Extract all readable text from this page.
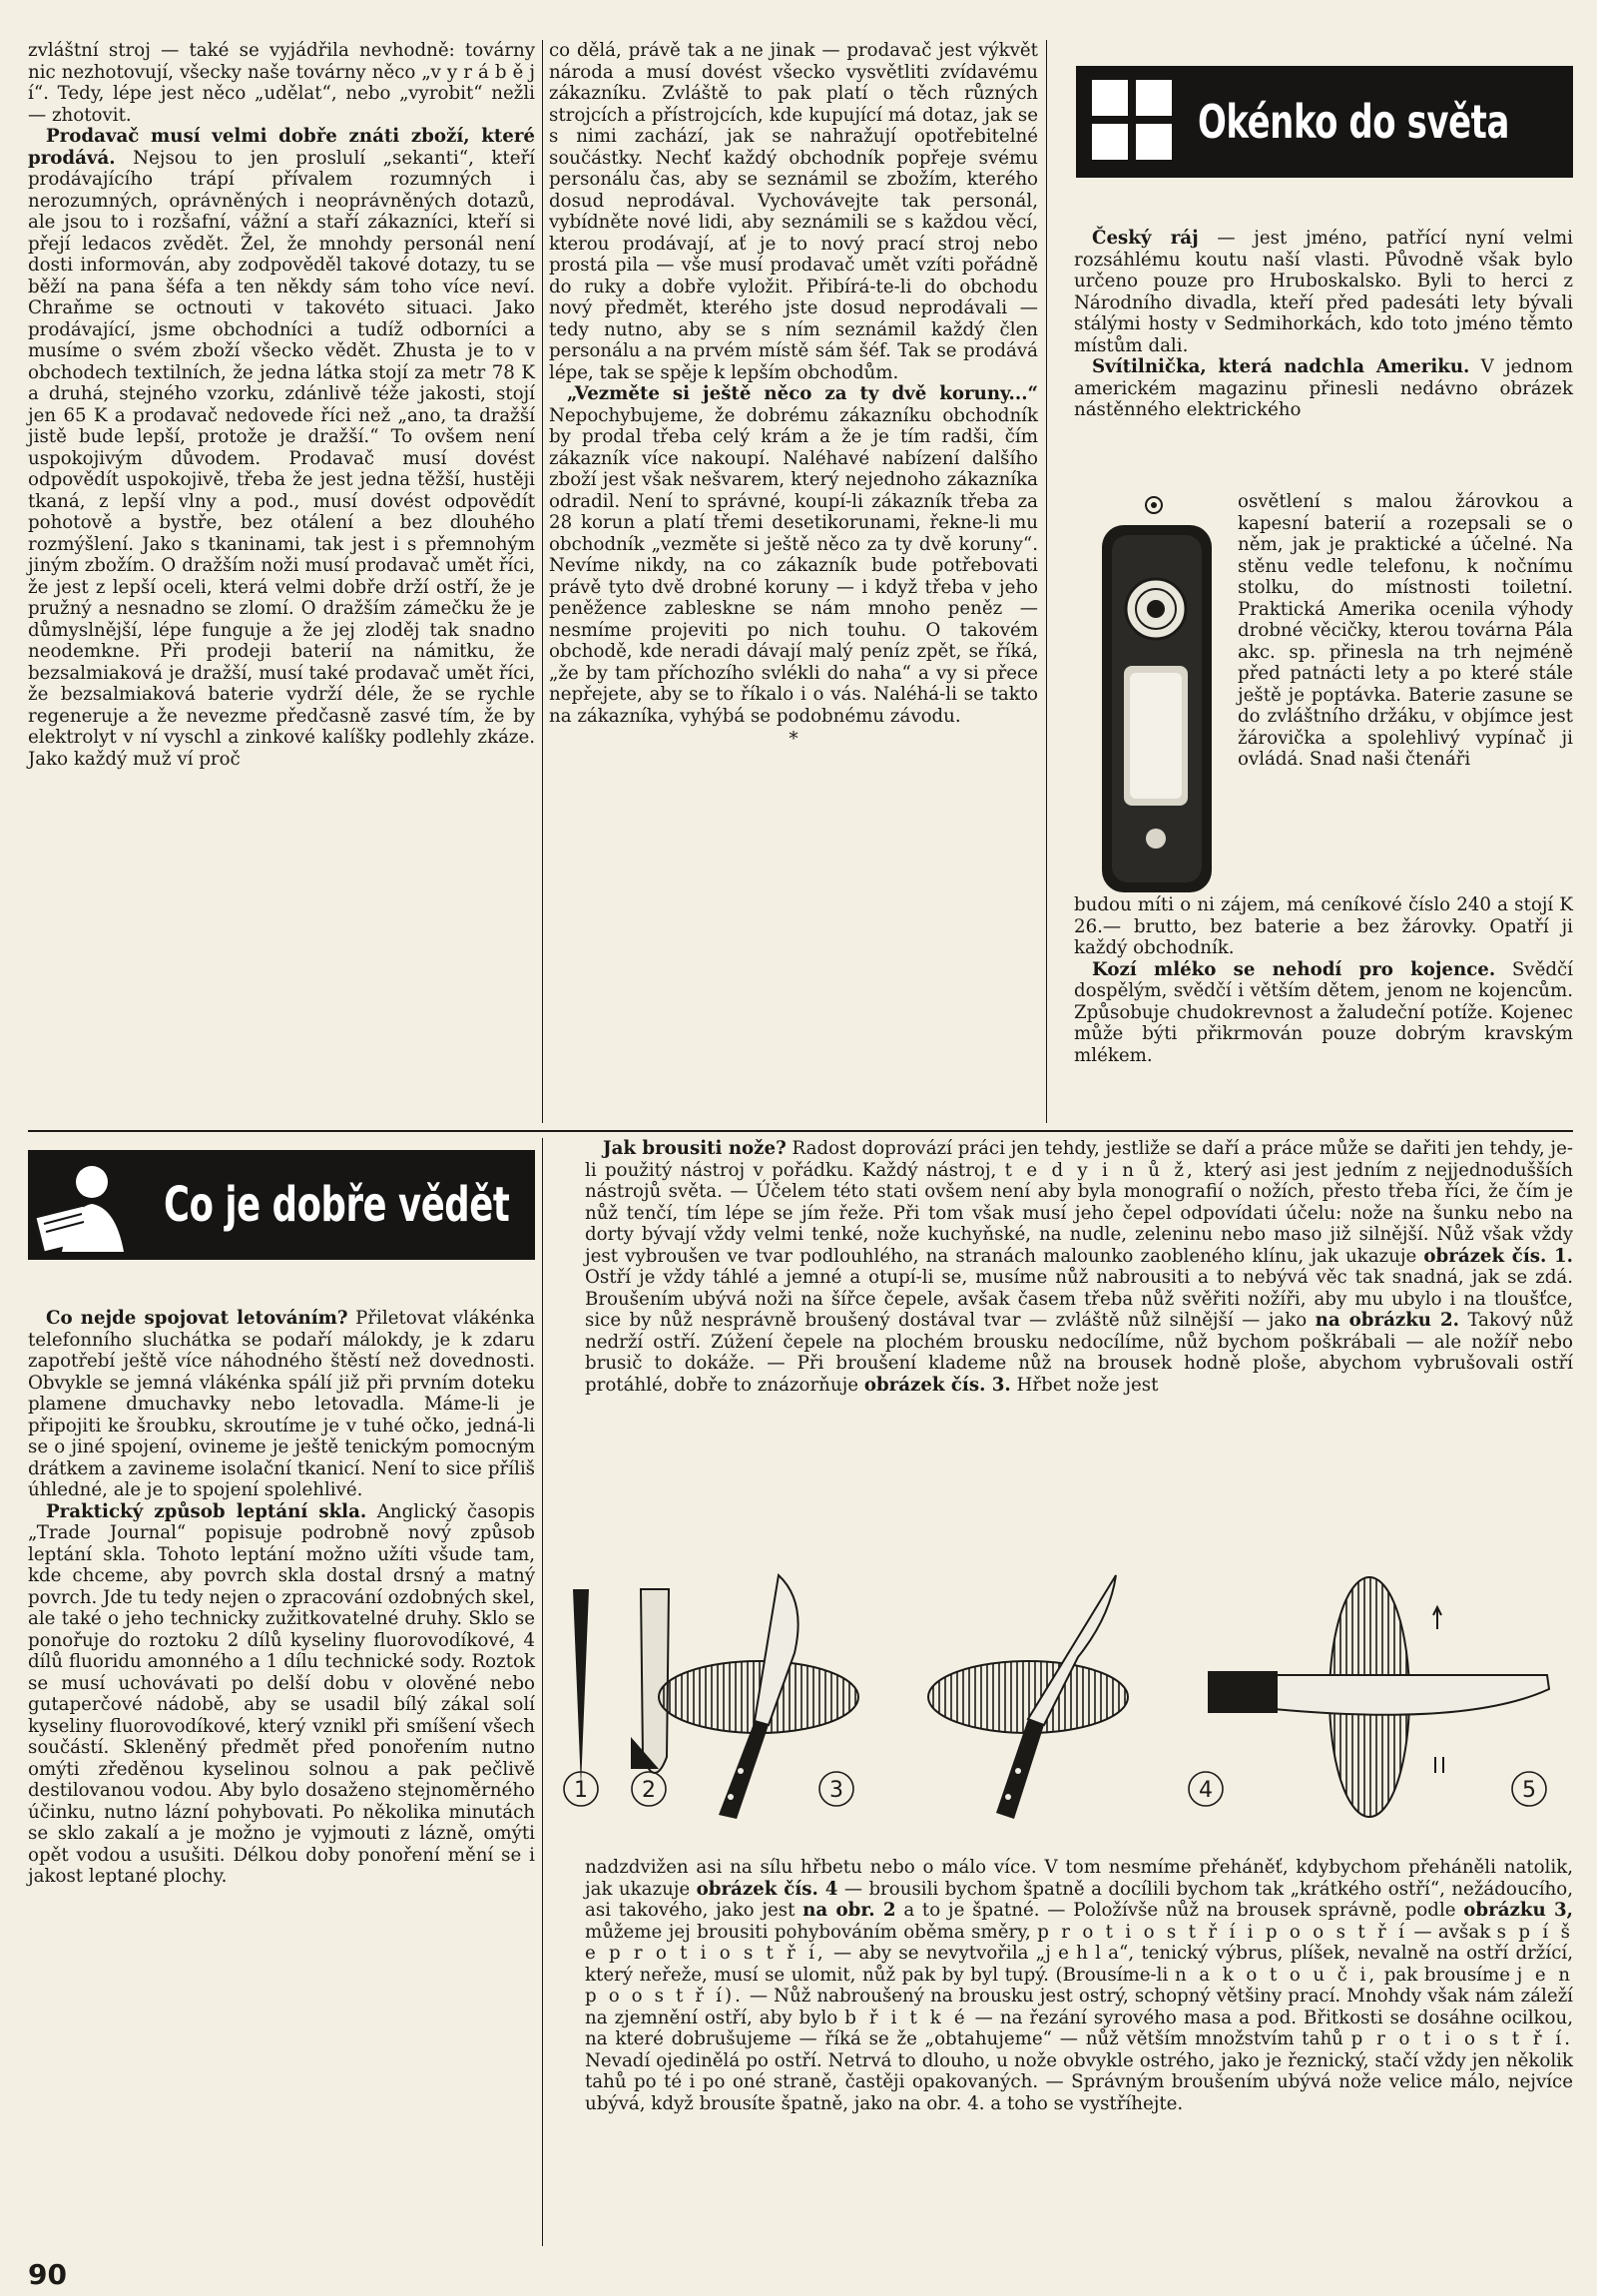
zvláštní stroj — také se vyjádřila nevhodně: továrny nic nezhotovují, všecky naše továrny něco „v y r á b ě j í“. Tedy, lépe jest něco „udělat“, nebo „vyrobit“ nežli — zhotovit.

Prodavač musí velmi dobře znáti zboží, které prodává. Nejsou to jen proslulí „sekanti“, kteří prodávajícího trápí přívalem rozumných i nerozumných, oprávněných i neoprávněných dotazů, ale jsou to i rozšafní, vážní a staří zákazníci, kteří si přejí ledacos zvědět. Žel, že mnohdy personál není dosti informován, aby zodpověděl takové dotazy, tu se běží na pana šéfa a ten někdy sám toho více neví. Chraňme se octnouti v takovéto situaci. Jako prodávající, jsme obchodníci a tudíž odborníci a musíme o svém zboží všecko vědět. Zhusta je to v obchodech textilních, že jedna látka stojí za metr 78 K a druhá, stejného vzorku, zdánlivě téže jakosti, stojí jen 65 K a prodavač nedovede říci než „ano, ta dražší jistě bude lepší, protože je dražší.“ To ovšem není uspokojivým důvodem. Prodavač musí dovést odpovědít uspokojivě, třeba že jest jedna těžší, hustěji tkaná, z lepší vlny a pod., musí dovést odpovědít pohotově a bystře, bez otálení a bez dlouhého rozmýšlení. Jako s tkaninami, tak jest i s přemnohým jiným zbožím. O dražším noži musí prodavač umět říci, že jest z lepší oceli, která velmi dobře drží ostří, že je pružný a nesnadno se zlomí. O dražším zámečku že je důmyslnější, lépe funguje a že jej zloděj tak snadno neodemkne. Při prodeji baterií na námitku, že bezsalmiaková je dražší, musí také prodavač umět říci, že bezsalmiaková baterie vydrží déle, že se rychle regeneruje a že nevezme předčasně zasvé tím, že by elektrolyt v ní vyschl a zinkové kalíšky podlehly zkáze. Jako každý muž ví proč

co dělá, právě tak a ne jinak — prodavač jest výkvět národa a musí dovést všecko vysvětliti zvídavému zákazníku. Zvláště to pak platí o těch různých strojcích a přístrojcích, kde kupující má dotaz, jak se s nimi zachází, jak se nahražují opotřebitelné součástky. Nechť každý obchodník popřeje svému personálu čas, aby se seznámil se zbožím, kterého dosud neprodával. Vychovávejte tak personál, vybídněte nové lidi, aby seznámili se s každou věcí, kterou prodávají, ať je to nový prací stroj nebo prostá pila — vše musí prodavač umět vzíti pořádně do ruky a dobře vyložit. Přibírá-te-li do obchodu nový předmět, kterého jste dosud neprodávali — tedy nutno, aby se s ním seznámil každý člen personálu a na prvém místě sám šéf. Tak se prodává lépe, tak se spěje k lepším obchodům.

„Vezměte si ještě něco za ty dvě koruny...“ Nepochybujeme, že dobrému zákazníku obchodník by prodal třeba celý krám a že je tím radši, čím zákazník více nakoupí. Naléhavé nabízení dalšího zboží jest však nešvarem, který nejednoho zákazníka odradil. Není to správné, koupí-li zákazník třeba za 28 korun a platí třemi desetikorunami, řekne-li mu obchodník „vezměte si ještě něco za ty dvě koruny“. Nevíme nikdy, na co zákazník bude potřebovati právě tyto dvě drobné koruny — i když třeba v jeho peněžence zableskne se nám mnoho peněz — nesmíme projeviti po nich touhu. O takovém obchodě, kde neradi dávají malý peníz zpět, se říká, „že by tam příchozího svlékli do naha“ a vy si přece nepřejete, aby se to říkalo i o vás. Naléhá-li se takto na zákazníka, vyhýbá se podobnému závodu.

*
Okénko do světa

Český ráj — jest jméno, patřící nyní velmi rozsáhlému koutu naší vlasti. Původně však bylo určeno pouze pro Hruboskalsko. Byli to herci z Národního divadla, kteří před padesáti lety bývali stálými hosty v Sedmihorkách, kdo toto jméno těmto místům dali.

Svítilnička, která nadchla Ameriku. V jednom americkém magazinu přinesli nedávno obrázek nástěnného elektrického

osvětlení s malou žárovkou a kapesní baterií a rozepsali se o něm, jak je praktické a účelné. Na stěnu vedle telefonu, k nočnímu stolku, do místnosti toiletní. Praktická Amerika ocenila výhody drobné věcičky, kterou továrna Pála akc. sp. přinesla na trh nejméně před patnácti lety a po které stále ještě je poptávka. Baterie zasune se do zvláštního držáku, v objímce jest žárovička a spolehlivý vypínač ji ovládá. Snad naši čtenáři

budou míti o ni zájem, má ceníkové číslo 240 a stojí K 26.— brutto, bez baterie a bez žárovky. Opatří ji každý obchodník.

Kozí mléko se nehodí pro kojence. Svědčí dospělým, svědčí i větším dětem, jenom ne kojencům. Způsobuje chudokrevnost a žaludeční potíže. Kojenec může býti přikrmován pouze dobrým kravským mlékem.

Co je dobře vědět

Co nejde spojovat letováním? Přiletovat vlákénka telefonního sluchátka se podaří málokdy, je k zdaru zapotřebí ještě více náhodného štěstí než dovednosti. Obvykle se jemná vlákénka spálí již při prvním doteku plamene dmuchavky nebo letovadla. Máme-li je připojiti ke šroubku, skroutíme je v tuhé očko, jedná-li se o jiné spojení, ovineme je ještě tenickým pomocným drátkem a zavineme isolační tkanicí. Není to sice příliš úhledné, ale je to spojení spolehlivé.

Praktický způsob leptání skla. Anglický časopis „Trade Journal“ popisuje podrobně nový způsob leptání skla. Tohoto leptání možno užíti všude tam, kde chceme, aby povrch skla dostal drsný a matný povrch. Jde tu tedy nejen o zpracování ozdobných skel, ale také o jeho technicky zužitkovatelné druhy. Sklo se ponořuje do roztoku 2 dílů kyseliny fluorovodíkové, 4 dílů fluoridu amonného a 1 dílu technické sody. Roztok se musí uchovávati po delší dobu v olověné nebo gutaperčové nádobě, aby se usadil bílý zákal solí kyseliny fluorovodíkové, který vznikl při smíšení všech součástí. Skleněný předmět před ponořením nutno omýti zředěnou kyselinou solnou a pak pečlivě destilovanou vodou. Aby bylo dosaženo stejnoměrného účinku, nutno lázní pohybovati. Po několika minutách se sklo zakalí a je možno je vyjmouti z lázně, omýti opět vodou a usušiti. Délkou doby ponoření mění se i jakost leptané plochy.

Jak brousiti nože? Radost doprovází práci jen tehdy, jestliže se daří a práce může se dařiti jen tehdy, je-li použitý nástroj v pořádku. Každý nástroj, t e d y i n ů ž, který asi jest jedním z nejjednodušších nástrojů světa. — Účelem této stati ovšem není aby byla monografií o nožích, přesto třeba říci, že čím je nůž tenčí, tím lépe se jím řeže. Při tom však musí jeho čepel odpovídati účelu: nože na šunku nebo na dorty bývají vždy velmi tenké, nože kuchyňské, na nudle, zeleninu nebo maso již silnější. Nůž však vždy jest vybroušen ve tvar podlouhlého, na stranách malounko zaobleného klínu, jak ukazuje obrázek čís. 1. Ostří je vždy táhlé a jemné a otupí-li se, musíme nůž nabrousiti a to nebývá věc tak snadná, jak se zdá. Broušením ubývá noži na šířce čepele, avšak časem třeba nůž svěřiti nožíři, aby mu ubylo i na tloušťce, sice by nůž nesprávně broušený dostával tvar — zvláště nůž silnější — jako na obrázku 2. Takový nůž nedrží ostří. Zúžení čepele na plochém brousku nedocílíme, nůž bychom poškrábali — ale nožíř nebo brusič to dokáže. — Při broušení klademe nůž na brousek hodně ploše, abychom vybrušovali ostří protáhlé, dobře to znázorňuje obrázek čís. 3. Hřbet nože jest

1 2	3	4	5

nadzdvižen asi na sílu hřbetu nebo o málo více. V tom nesmíme přeháněť, kdybychom přeháněli natolik, jak ukazuje obrázek čís. 4 — brousili bychom špatně a docílili bychom tak „krátkého ostří“, nežádoucího, asi takového, jako jest na obr. 2 a to je špatné. — Položívše nůž na brousek správně, podle obrázku 3, můžeme jej brousiti pohybováním oběma směry, p r o t i o s t ř í i p o o s t ř í — avšak s p í š e p r o t i o s t ř í, — aby se nevytvořila „j e h l a“, tenický výbrus, plíšek, nevalně na ostří držící, který neřeže, musí se ulomit, nůž pak by byl tupý. (Brousíme-li n a k o t o u č i, pak brousíme j e n p o o s t ř í). — Nůž nabroušený na brousku jest ostrý, schopný většiny prací. Mnohdy však nám záleží na zjemnění ostří, aby bylo b ř i t k é — na řezání syrového masa a pod. Břitkosti se dosáhne ocilkou, na které dobrušujeme — říká se že „obtahujeme“ — nůž větším množstvím tahů p r o t i o s t ř í. Nevadí ojedinělá po ostří. Netrvá to dlouho, u nože obvykle ostrého, jako je řeznický, stačí vždy jen několik tahů po té i po oné straně, častěji opakovaných. — Správným broušením ubývá nože velice málo, nejvíce ubývá, když brousíte špatně, jako na obr. 4. a toho se vystříhejte.

90
